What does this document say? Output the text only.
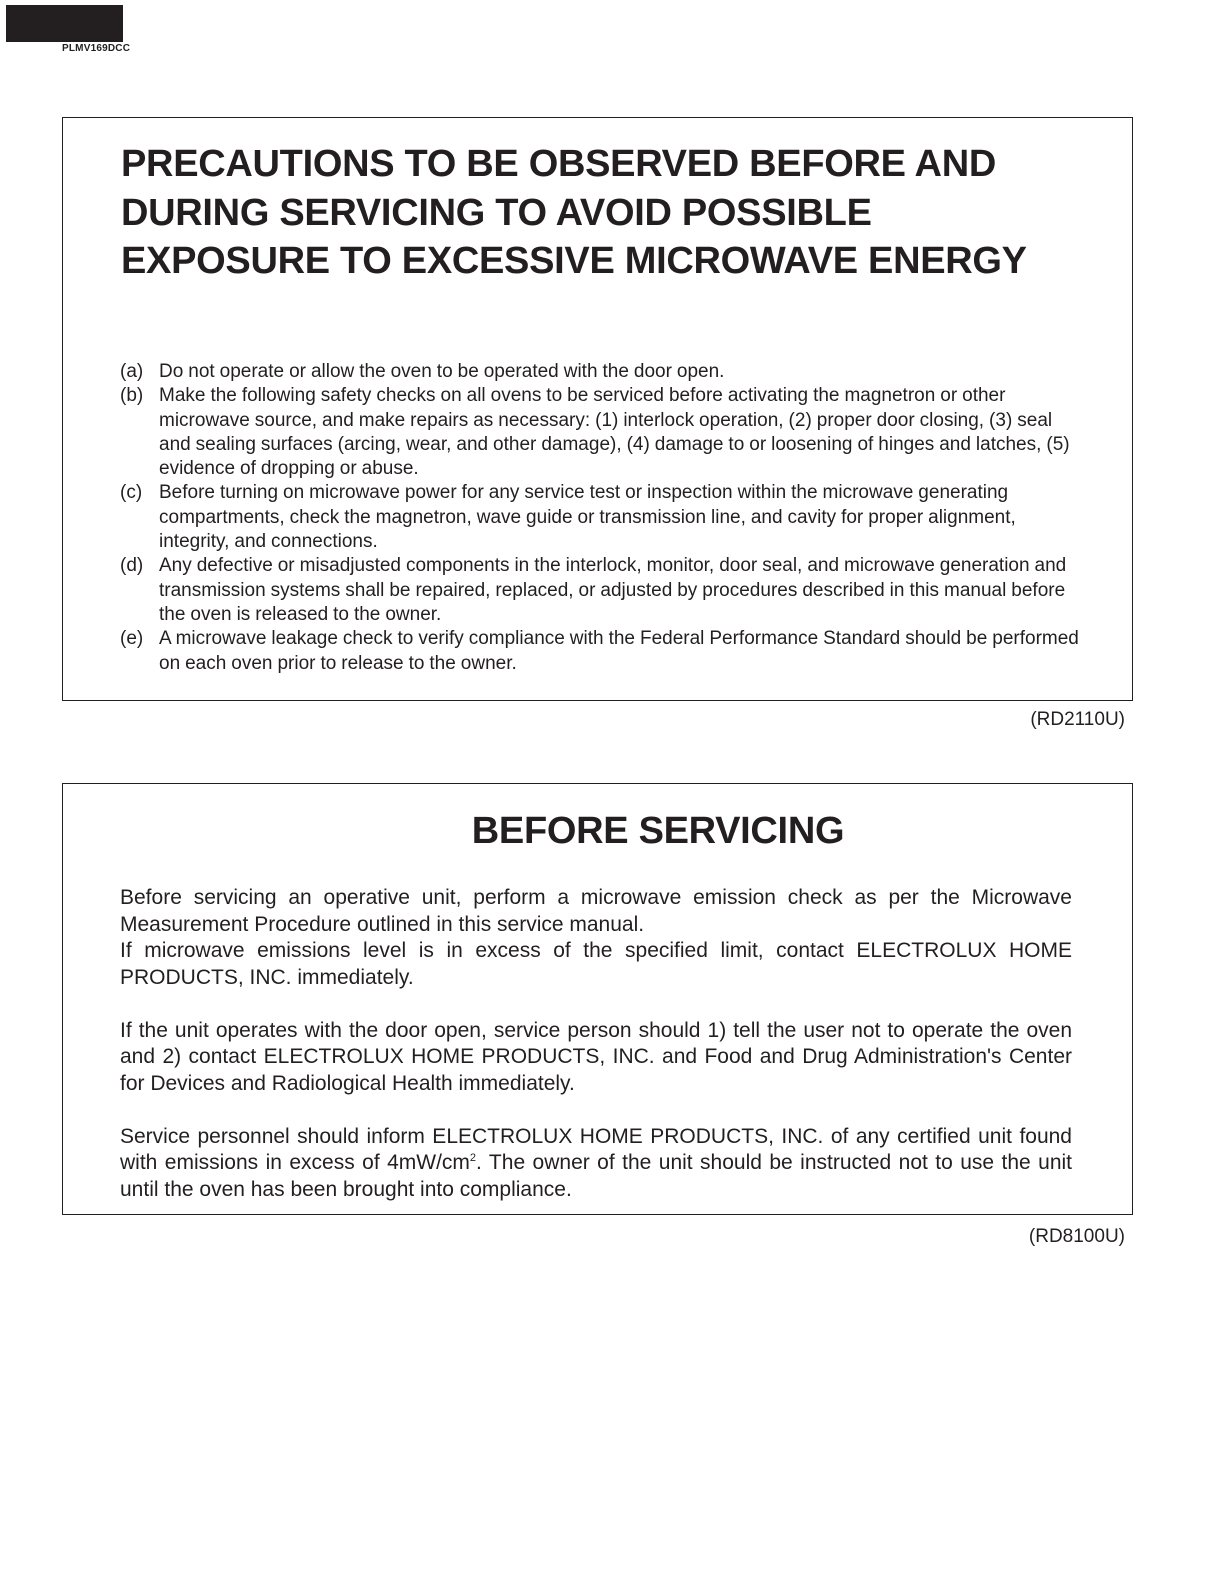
PLMV169DCC
PRECAUTIONS TO BE OBSERVED BEFORE AND DURING SERVICING TO AVOID POSSIBLE EXPOSURE TO EXCESSIVE MICROWAVE ENERGY
(a) Do not operate or allow the oven to be operated with the door open.
(b) Make the following safety checks on all ovens to be serviced before activating the magnetron or other microwave source, and make repairs as necessary: (1) interlock operation, (2) proper door closing, (3) seal and sealing surfaces (arcing, wear, and other damage), (4) damage to or loosening of hinges and latches, (5) evidence of dropping or abuse.
(c) Before turning on microwave power for any service test or inspection within the microwave generating compartments, check the magnetron, wave guide or transmission line, and cavity for proper alignment, integrity, and connections.
(d) Any defective or misadjusted components in the interlock, monitor, door seal, and microwave generation and transmission systems shall be repaired, replaced, or adjusted by procedures described in this manual before the oven is released to the owner.
(e) A microwave leakage check to verify compliance with the Federal Performance Standard should be performed on each oven prior to release to the owner.
(RD2110U)
BEFORE SERVICING

Before servicing an operative unit, perform a microwave emission check as per the Microwave Measurement Procedure outlined in this service manual.
If microwave emissions level is in excess of the specified limit, contact ELECTROLUX HOME PRODUCTS, INC. immediately.

If the unit operates with the door open, service person should 1) tell the user not to operate the oven and 2) contact ELECTROLUX HOME PRODUCTS, INC. and Food and Drug Administration's Center for Devices and Radiological Health immediately.

Service personnel should inform ELECTROLUX HOME PRODUCTS, INC. of any certified unit found with emissions in excess of $4mW/cm^2$. The owner of the unit should be instructed not to use the unit until the oven has been brought into compliance.

(RD8100U)
